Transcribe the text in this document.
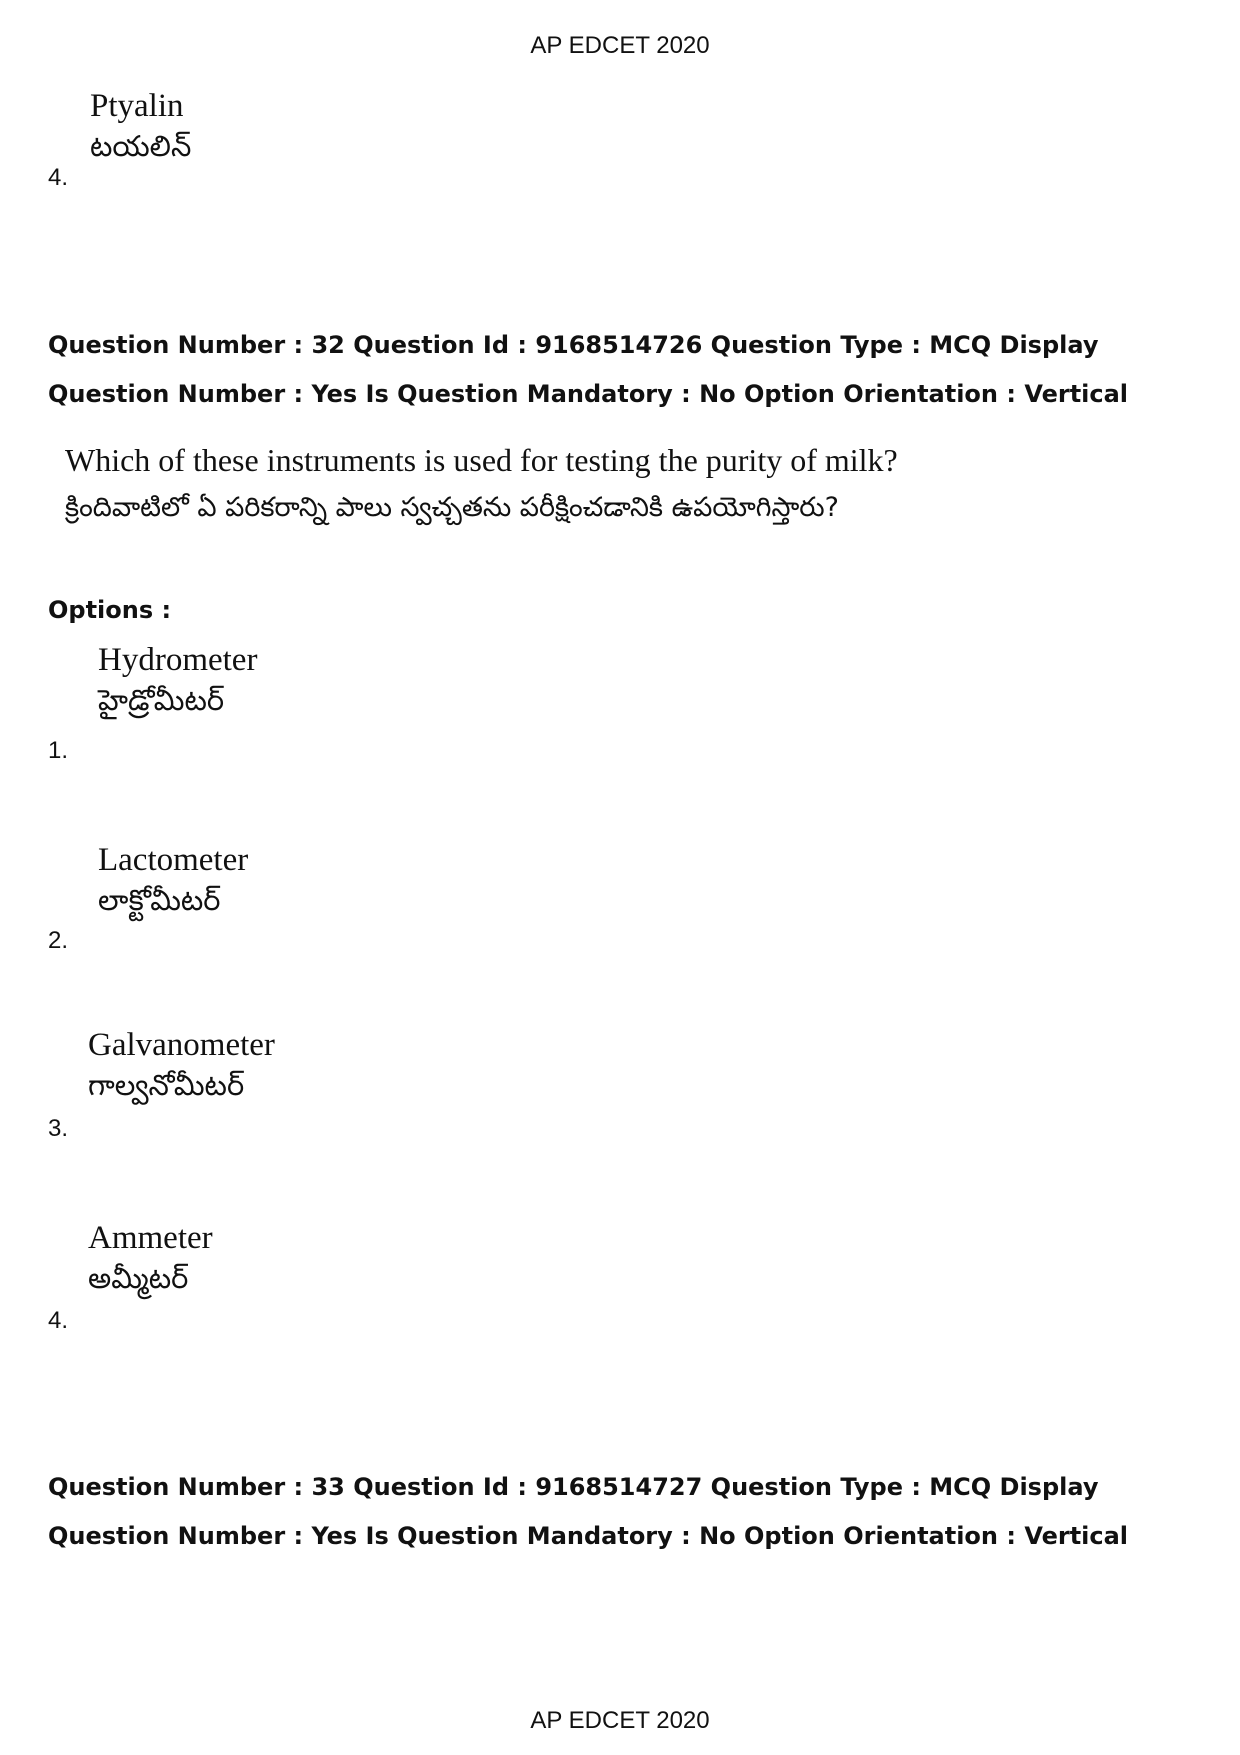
AP EDCET 2020
Ptyalin
టయలిన్
4.
Question Number : 32 Question Id : 9168514726 Question Type : MCQ Display Question Number : Yes Is Question Mandatory : No Option Orientation : Vertical
Which of these instruments is used for testing the purity of milk?
క్రిందివాటిలో ఏ పరికరాన్ని పాలు స్వచ్చతను పరీక్షించడానికి ఉపయోగిస్తారు?
Options :
Hydrometer
హైడ్రోమీటర్
1.
Lactometer
లాక్టోమీటర్
2.
Galvanometer
గాల్వనోమీటర్
3.
Ammeter
అమ్మీటర్
4.
Question Number : 33 Question Id : 9168514727 Question Type : MCQ Display Question Number : Yes Is Question Mandatory : No Option Orientation : Vertical
AP EDCET 2020
